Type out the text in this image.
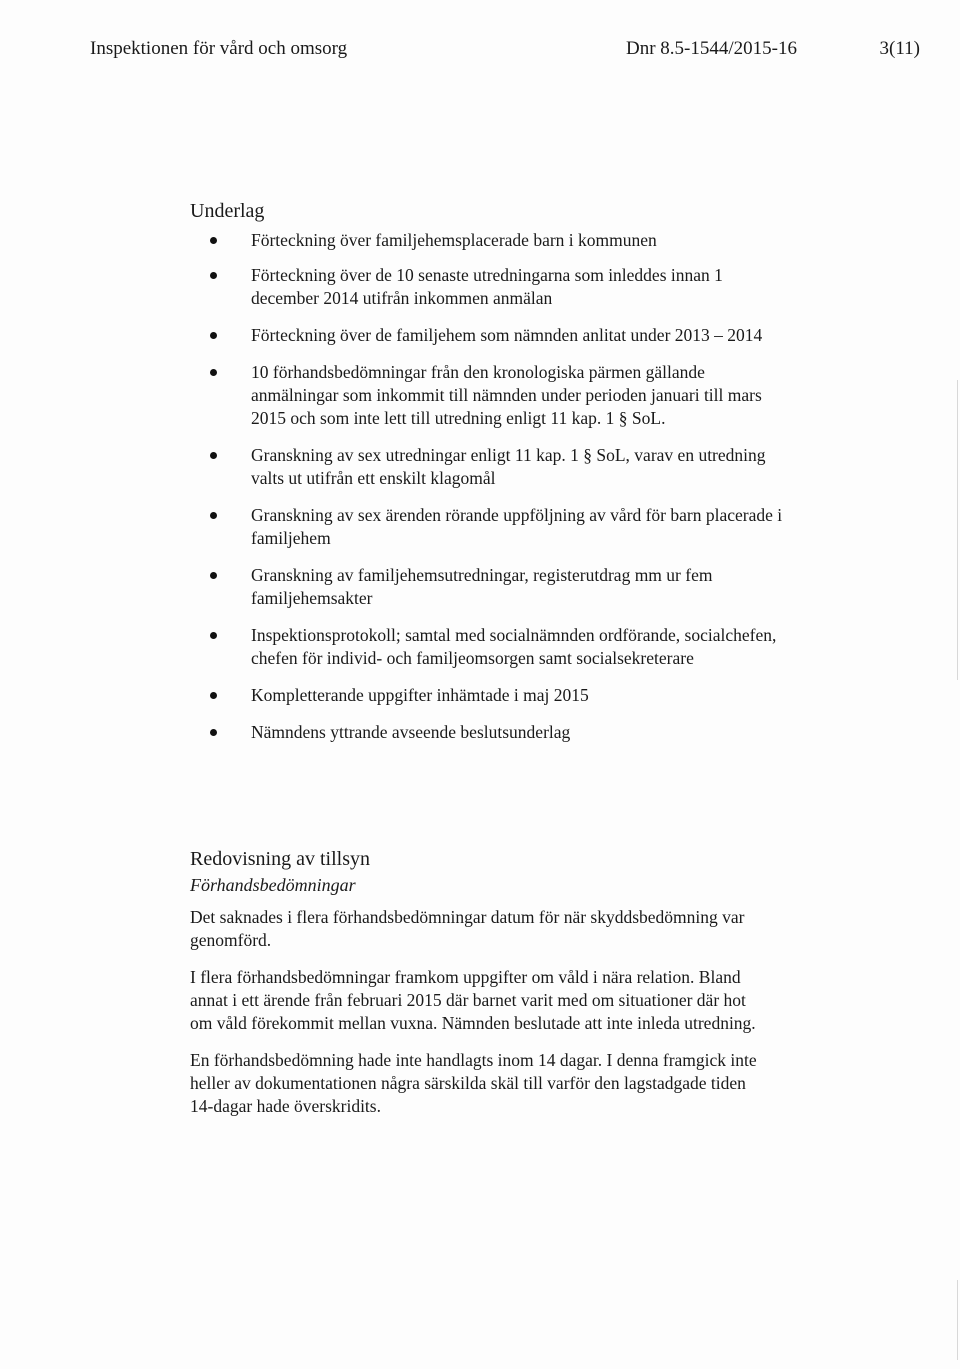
Inspektionen för vård och omsorg	Dnr 8.5-1544/2015-16	3(11)
Underlag
Förteckning över familjehemsplacerade barn i kommunen
Förteckning över de 10 senaste utredningarna som inleddes innan 1 december 2014 utifrån inkommen anmälan
Förteckning över de familjehem som nämnden anlitat under 2013 – 2014
10 förhandsbedömningar från den kronologiska pärmen gällande anmälningar som inkommit till nämnden under perioden januari till mars 2015 och som inte lett till utredning enligt 11 kap. 1 § SoL.
Granskning av sex utredningar enligt 11 kap. 1 § SoL, varav en utredning valts ut utifrån ett enskilt klagomål
Granskning av sex ärenden rörande uppföljning av vård för barn placerade i familjehem
Granskning av familjehemsutredningar, registerutdrag mm ur fem familjehemsakter
Inspektionsprotokoll; samtal med socialnämnden ordförande, socialchefen, chefen för individ- och familjeomsorgen samt socialsekreterare
Kompletterande uppgifter inhämtade i maj 2015
Nämndens yttrande avseende beslutsunderlag
Redovisning av tillsyn
Förhandsbedömningar

Det saknades i flera förhandsbedömningar datum för när skyddsbedömning var genomförd.

I flera förhandsbedömningar framkom uppgifter om våld i nära relation. Bland annat i ett ärende från februari 2015 där barnet varit med om situationer där hot om våld förekommit mellan vuxna. Nämnden beslutade att inte inleda utredning.

En förhandsbedömning hade inte handlagts inom 14 dagar. I denna framgick inte heller av dokumentationen några särskilda skäl till varför den lagstadgade tiden 14-dagar hade överskridits.
